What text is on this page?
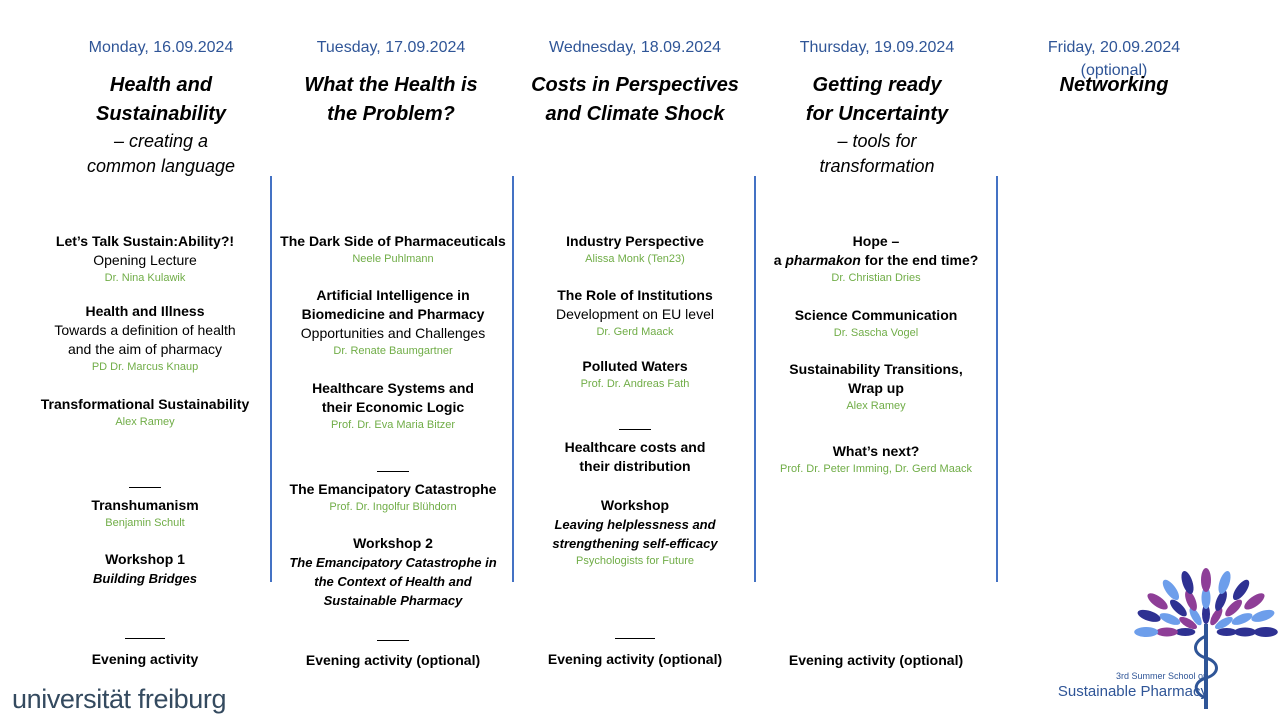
Monday, 16.09.2024
Health and
Sustainability
– creating a
common language
Tuesday, 17.09.2024
What the Health is
the Problem?
Wednesday, 18.09.2024
Costs in Perspectives
and Climate Shock
Thursday, 19.09.2024
Getting ready
for Uncertainty
– tools for
transformation
Friday, 20.09.2024
(optional)
Networking
Let’s Talk Sustain:Ability?!
Opening Lecture
Dr. Nina Kulawik
Health and Illness
Towards a definition of health
and the aim of pharmacy
PD Dr. Marcus Knaup
Transformational Sustainability
Alex Ramey
Transhumanism
Benjamin Schult
Workshop 1
Building Bridges
Evening activity
The Dark Side of Pharmaceuticals
Neele Puhlmann
Artificial Intelligence in
Biomedicine and Pharmacy
Opportunities and Challenges
Dr. Renate Baumgartner
Healthcare Systems and
their Economic Logic
Prof. Dr. Eva Maria Bitzer
The Emancipatory Catastrophe
Prof. Dr. Ingolfur Blühdorn
Workshop 2
The Emancipatory Catastrophe in
the Context of Health and
Sustainable Pharmacy
Evening activity (optional)
Industry Perspective
Alissa Monk (Ten23)
The Role of Institutions
Development on EU level
Dr. Gerd Maack
Polluted Waters
Prof. Dr. Andreas Fath
Healthcare costs and
their distribution
Workshop
Leaving helplessness and
strengthening self-efficacy
Psychologists for Future
Evening activity (optional)
Hope –
a pharmakon for the end time?
Dr. Christian Dries
Science Communication
Dr. Sascha Vogel
Sustainability Transitions,
Wrap up
Alex Ramey
What’s next?
Prof. Dr. Peter Imming, Dr. Gerd Maack
Evening activity (optional)
universität freiburg
3rd Summer School on
Sustainable Pharmacy
